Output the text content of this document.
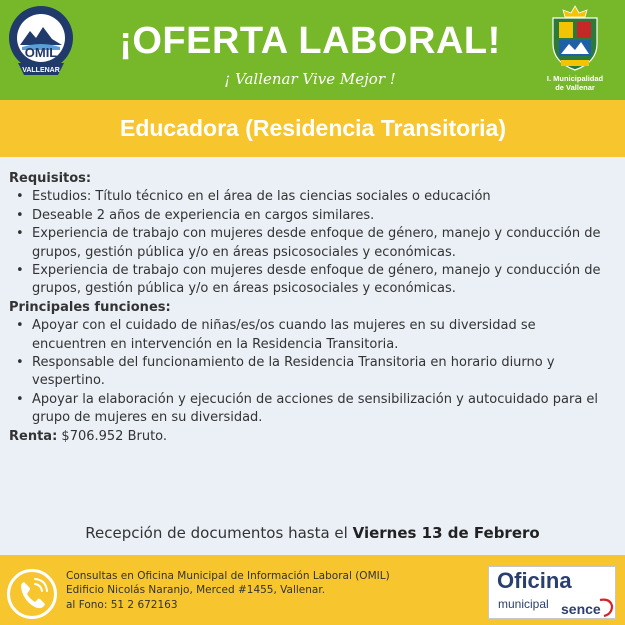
OMIL
VALLENAR
¡OFERTA LABORAL!
¡ Vallenar Vive Mejor !	I. Municipalidad
de Vallenar
Educadora (Residencia Transitoria)
Requisitos:
• Estudios: Título técnico en el área de las ciencias sociales o educación
• Deseable 2 años de experiencia en cargos similares.
• Experiencia de trabajo con mujeres desde enfoque de género, manejo y conducción de
grupos, gestión pública y/o en áreas psicosociales y económicas.
• Experiencia de trabajo con mujeres desde enfoque de género, manejo y conducción de
grupos, gestión pública y/o en áreas psicosociales y económicas.
Principales funciones:
• Apoyar con el cuidado de niñas/es/os cuando las mujeres en su diversidad se
encuentren en intervención en la Residencia Transitoria.
• Responsable del funcionamiento de la Residencia Transitoria en horario diurno y
vespertino.
• Apoyar la elaboración y ejecución de acciones de sensibilización y autocuidado para el
grupo de mujeres en su diversidad.
Renta: $706.952 Bruto.
Recepción de documentos hasta el Viernes 13 de Febrero
Consultas en Oficina Municipal de Información Laboral (OMIL)
Edificio Nicolás Naranjo, Merced #1455, Vallenar.
al Fono: 51 2 672163
Oficina
municipal sence
